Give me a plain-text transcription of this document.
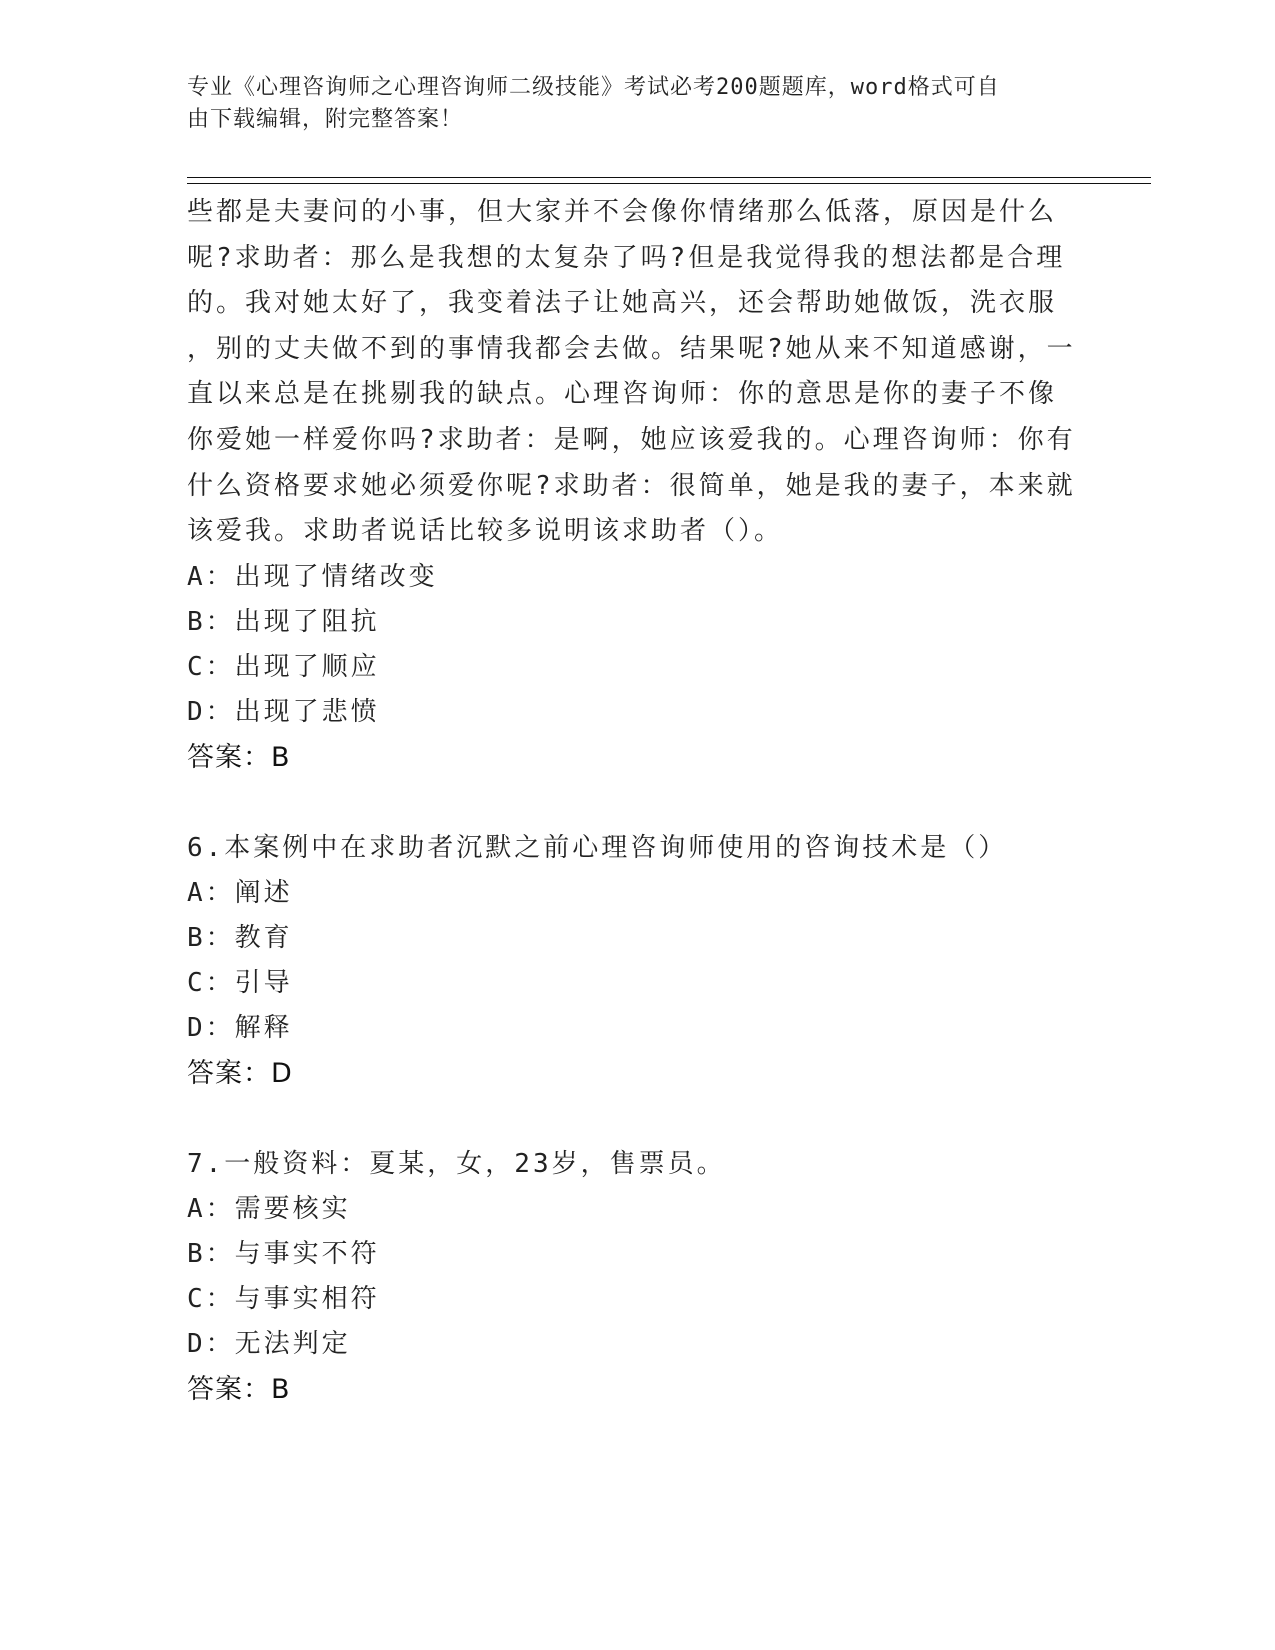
专业《心理咨询师之心理咨询师二级技能》考试必考200题题库，word格式可自
由下载编辑，附完整答案！

些都是夫妻问的小事，但大家并不会像你情绪那么低落，原因是什么

呢?求助者：那么是我想的太复杂了吗?但是我觉得我的想法都是合理

的。我对她太好了，我变着法子让她高兴，还会帮助她做饭，洗衣服

，别的丈夫做不到的事情我都会去做。结果呢?她从来不知道感谢，一

直以来总是在挑剔我的缺点。心理咨询师：你的意思是你的妻子不像

你爱她一样爱你吗?求助者：是啊，她应该爱我的。心理咨询师：你有

什么资格要求她必须爱你呢?求助者：很简单，她是我的妻子，本来就

该爱我。求助者说话比较多说明该求助者（）。

A：出现了情绪改变

B：出现了阻抗

C：出现了顺应

D：出现了悲愤

答案：B

6.本案例中在求助者沉默之前心理咨询师使用的咨询技术是（）

A：阐述

B：教育

C：引导

D：解释

答案：D

7.一般资料：夏某，女，23岁，售票员。

A：需要核实

B：与事实不符

C：与事实相符

D：无法判定

答案：B
